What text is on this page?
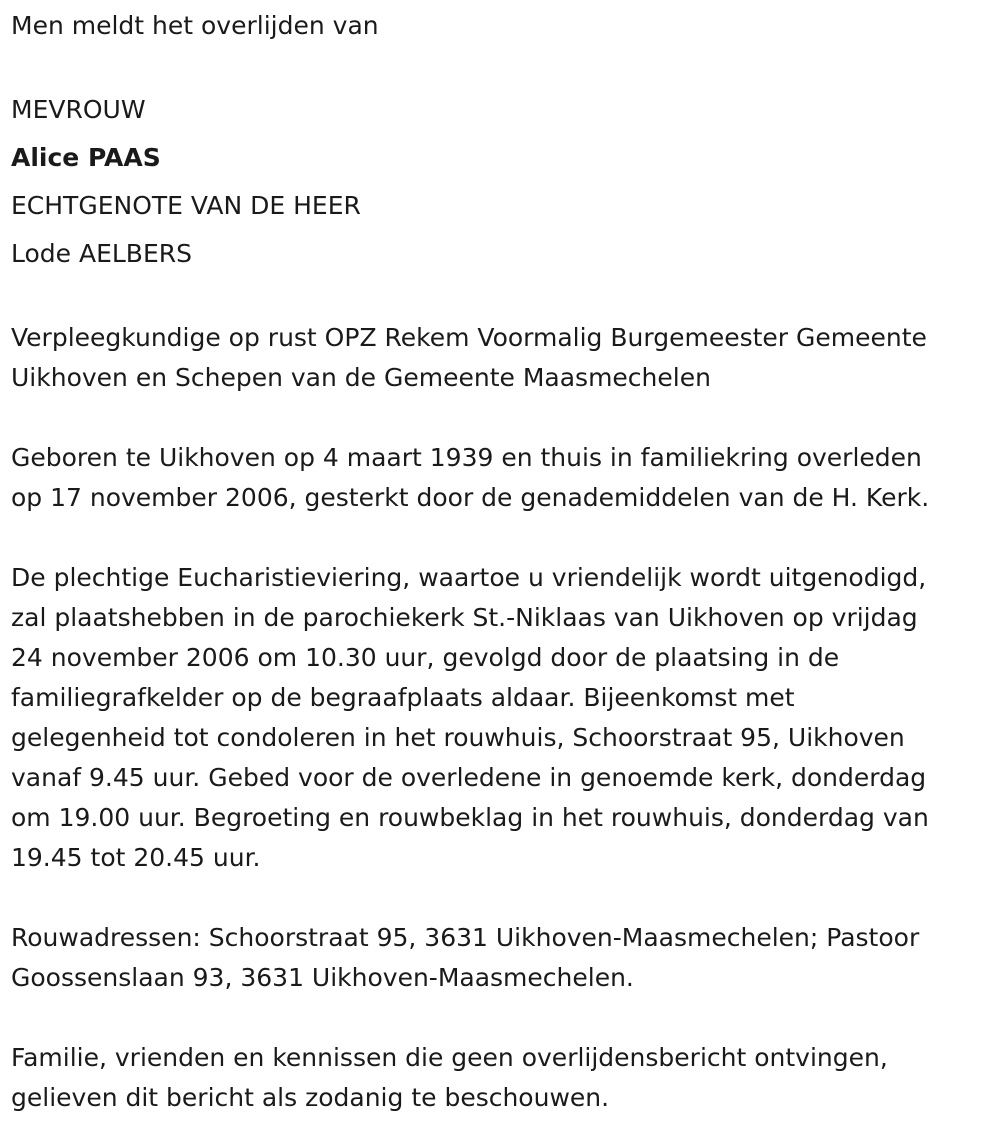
Men meldt het overlijden van
MEVROUW
Alice PAAS
ECHTGENOTE VAN DE HEER
Lode AELBERS
Verpleegkundige op rust OPZ Rekem Voormalig Burgemeester Gemeente
Uikhoven en Schepen van de Gemeente Maasmechelen
Geboren te Uikhoven op 4 maart 1939 en thuis in familiekring overleden
op 17 november 2006, gesterkt door de genademiddelen van de H. Kerk.
De plechtige Eucharistieviering, waartoe u vriendelijk wordt uitgenodigd,
zal plaatshebben in de parochiekerk St.-Niklaas van Uikhoven op vrijdag
24 november 2006 om 10.30 uur, gevolgd door de plaatsing in de
familiegrafkelder op de begraafplaats aldaar. Bijeenkomst met
gelegenheid tot condoleren in het rouwhuis, Schoorstraat 95, Uikhoven
vanaf 9.45 uur. Gebed voor de overledene in genoemde kerk, donderdag
om 19.00 uur. Begroeting en rouwbeklag in het rouwhuis, donderdag van
19.45 tot 20.45 uur.
Rouwadressen: Schoorstraat 95, 3631 Uikhoven-Maasmechelen; Pastoor
Goossenslaan 93, 3631 Uikhoven-Maasmechelen.
Familie, vrienden en kennissen die geen overlijdensbericht ontvingen,
gelieven dit bericht als zodanig te beschouwen.
